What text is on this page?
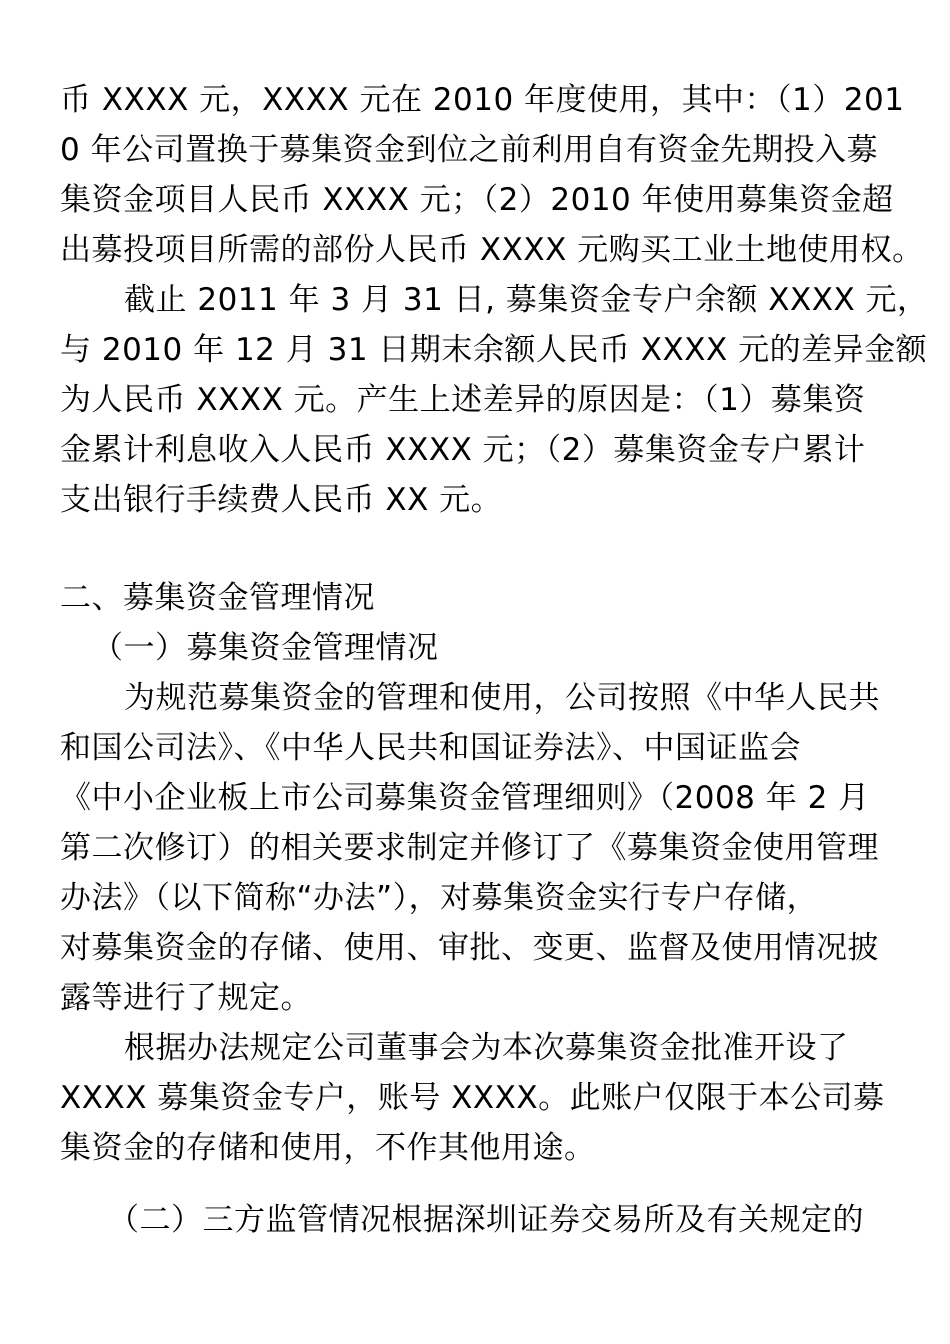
币 XXXX 元，XXXX 元在 2010 年度使用，其中：（1）201
0 年公司置换于募集资金到位之前利用自有资金先期投入募
集资金项目人民币 XXXX 元；（2）2010 年使用募集资金超
出募投项目所需的部份人民币 XXXX 元购买工业土地使用权。
截止 2011 年 3 月 31 日, 募集资金专户余额 XXXX 元，
与 2010 年 12 月 31 日期末余额人民币 XXXX 元的差异金额
为人民币 XXXX 元。产生上述差异的原因是：（1）募集资
金累计利息收入人民币 XXXX 元；（2）募集资金专户累计
支出银行手续费人民币 XX 元。
二、募集资金管理情况
（一）募集资金管理情况
为规范募集资金的管理和使用，公司按照《中华人民共
和国公司法》、《中华人民共和国证券法》、中国证监会
《中小企业板上市公司募集资金管理细则》（2008 年 2 月
第二次修订）的相关要求制定并修订了《募集资金使用管理
办法》（以下简称“办法”），对募集资金实行专户存储，
对募集资金的存储、使用、审批、变更、监督及使用情况披
露等进行了规定。
根据办法规定公司董事会为本次募集资金批准开设了
XXXX 募集资金专户，账号 XXXX。此账户仅限于本公司募
集资金的存储和使用，不作其他用途。
（二）三方监管情况根据深圳证券交易所及有关规定的
